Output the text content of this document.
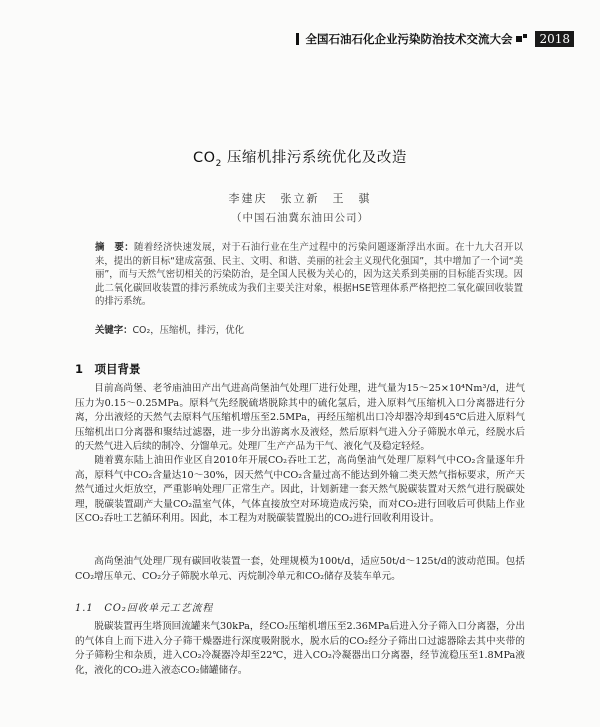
全国石油石化企业污染防治技术交流大会	2018
$CO_2$ 压缩机排污系统优化及改造
李建庆　张立新　王　骐
（中国石油冀东油田公司）
摘　要：随着经济快速发展，对于石油行业在生产过程中的污染问题逐渐浮出水面。在十九大召开以来，提出的新目标“建成富强、民主、文明、和谐、美丽的社会主义现代化强国”，其中增加了一个词“美丽”，而与天然气密切相关的污染防治，是全国人民极为关心的，因为这关系到美丽的目标能否实现。因此二氧化碳回收装置的排污系统成为我们主要关注对象，根据HSE管理体系严格把控二氧化碳回收装置的排污系统。
关键字：CO₂，压缩机，排污，优化
1　项目背景

目前高尚堡、老爷庙油田产出气进高尚堡油气处理厂进行处理，进气量为15～25×10⁴Nm³/d，进气压力为0.15～0.25MPa。原料气先经脱硫塔脱除其中的硫化氢后，进入原料气压缩机入口分离器进行分离，分出液烃的天然气去原料气压缩机增压至2.5MPa，再经压缩机出口冷却器冷却到45℃后进入原料气压缩机出口分离器和聚结过滤器，进一步分出游离水及液烃，然后原料气进入分子筛脱水单元，经脱水后的天然气进入后续的制冷、分馏单元。处理厂生产产品为干气、液化气及稳定轻烃。

随着冀东陆上油田作业区自2010年开展CO₂吞吐工艺，高尚堡油气处理厂原料气中CO₂含量逐年升高，原料气中CO₂含量达10～30%，因天然气中CO₂含量过高不能达到外输二类天然气指标要求，所产天然气通过火炬放空，严重影响处理厂正常生产。因此，计划新建一套天然气脱碳装置对天然气进行脱碳处理，脱碳装置副产大量CO₂温室气体，气体直接放空对环境造成污染，而对CO₂进行回收后可供陆上作业区CO₂吞吐工艺循环利用。因此，本工程为对脱碳装置脱出的CO₂进行回收利用设计。

高尚堡油气处理厂现有碳回收装置一套，处理规模为100t/d，适应50t/d～125t/d的波动范围。包括CO₂增压单元、CO₂分子筛脱水单元、丙烷制冷单元和CO₂储存及装车单元。

1.1　CO₂回收单元工艺流程

脱碳装置再生塔顶回流罐来气30kPa，经CO₂压缩机增压至2.36MPa后进入分子筛入口分离器，分出的气体自上而下进入分子筛干燥器进行深度吸附脱水，脱水后的CO₂经分子筛出口过滤器除去其中夹带的分子筛粉尘和杂质，进入CO₂冷凝器冷却至22℃，进入CO₂冷凝器出口分离器，经节流稳压至1.8MPa液化，液化的CO₂进入液态CO₂储罐储存。
